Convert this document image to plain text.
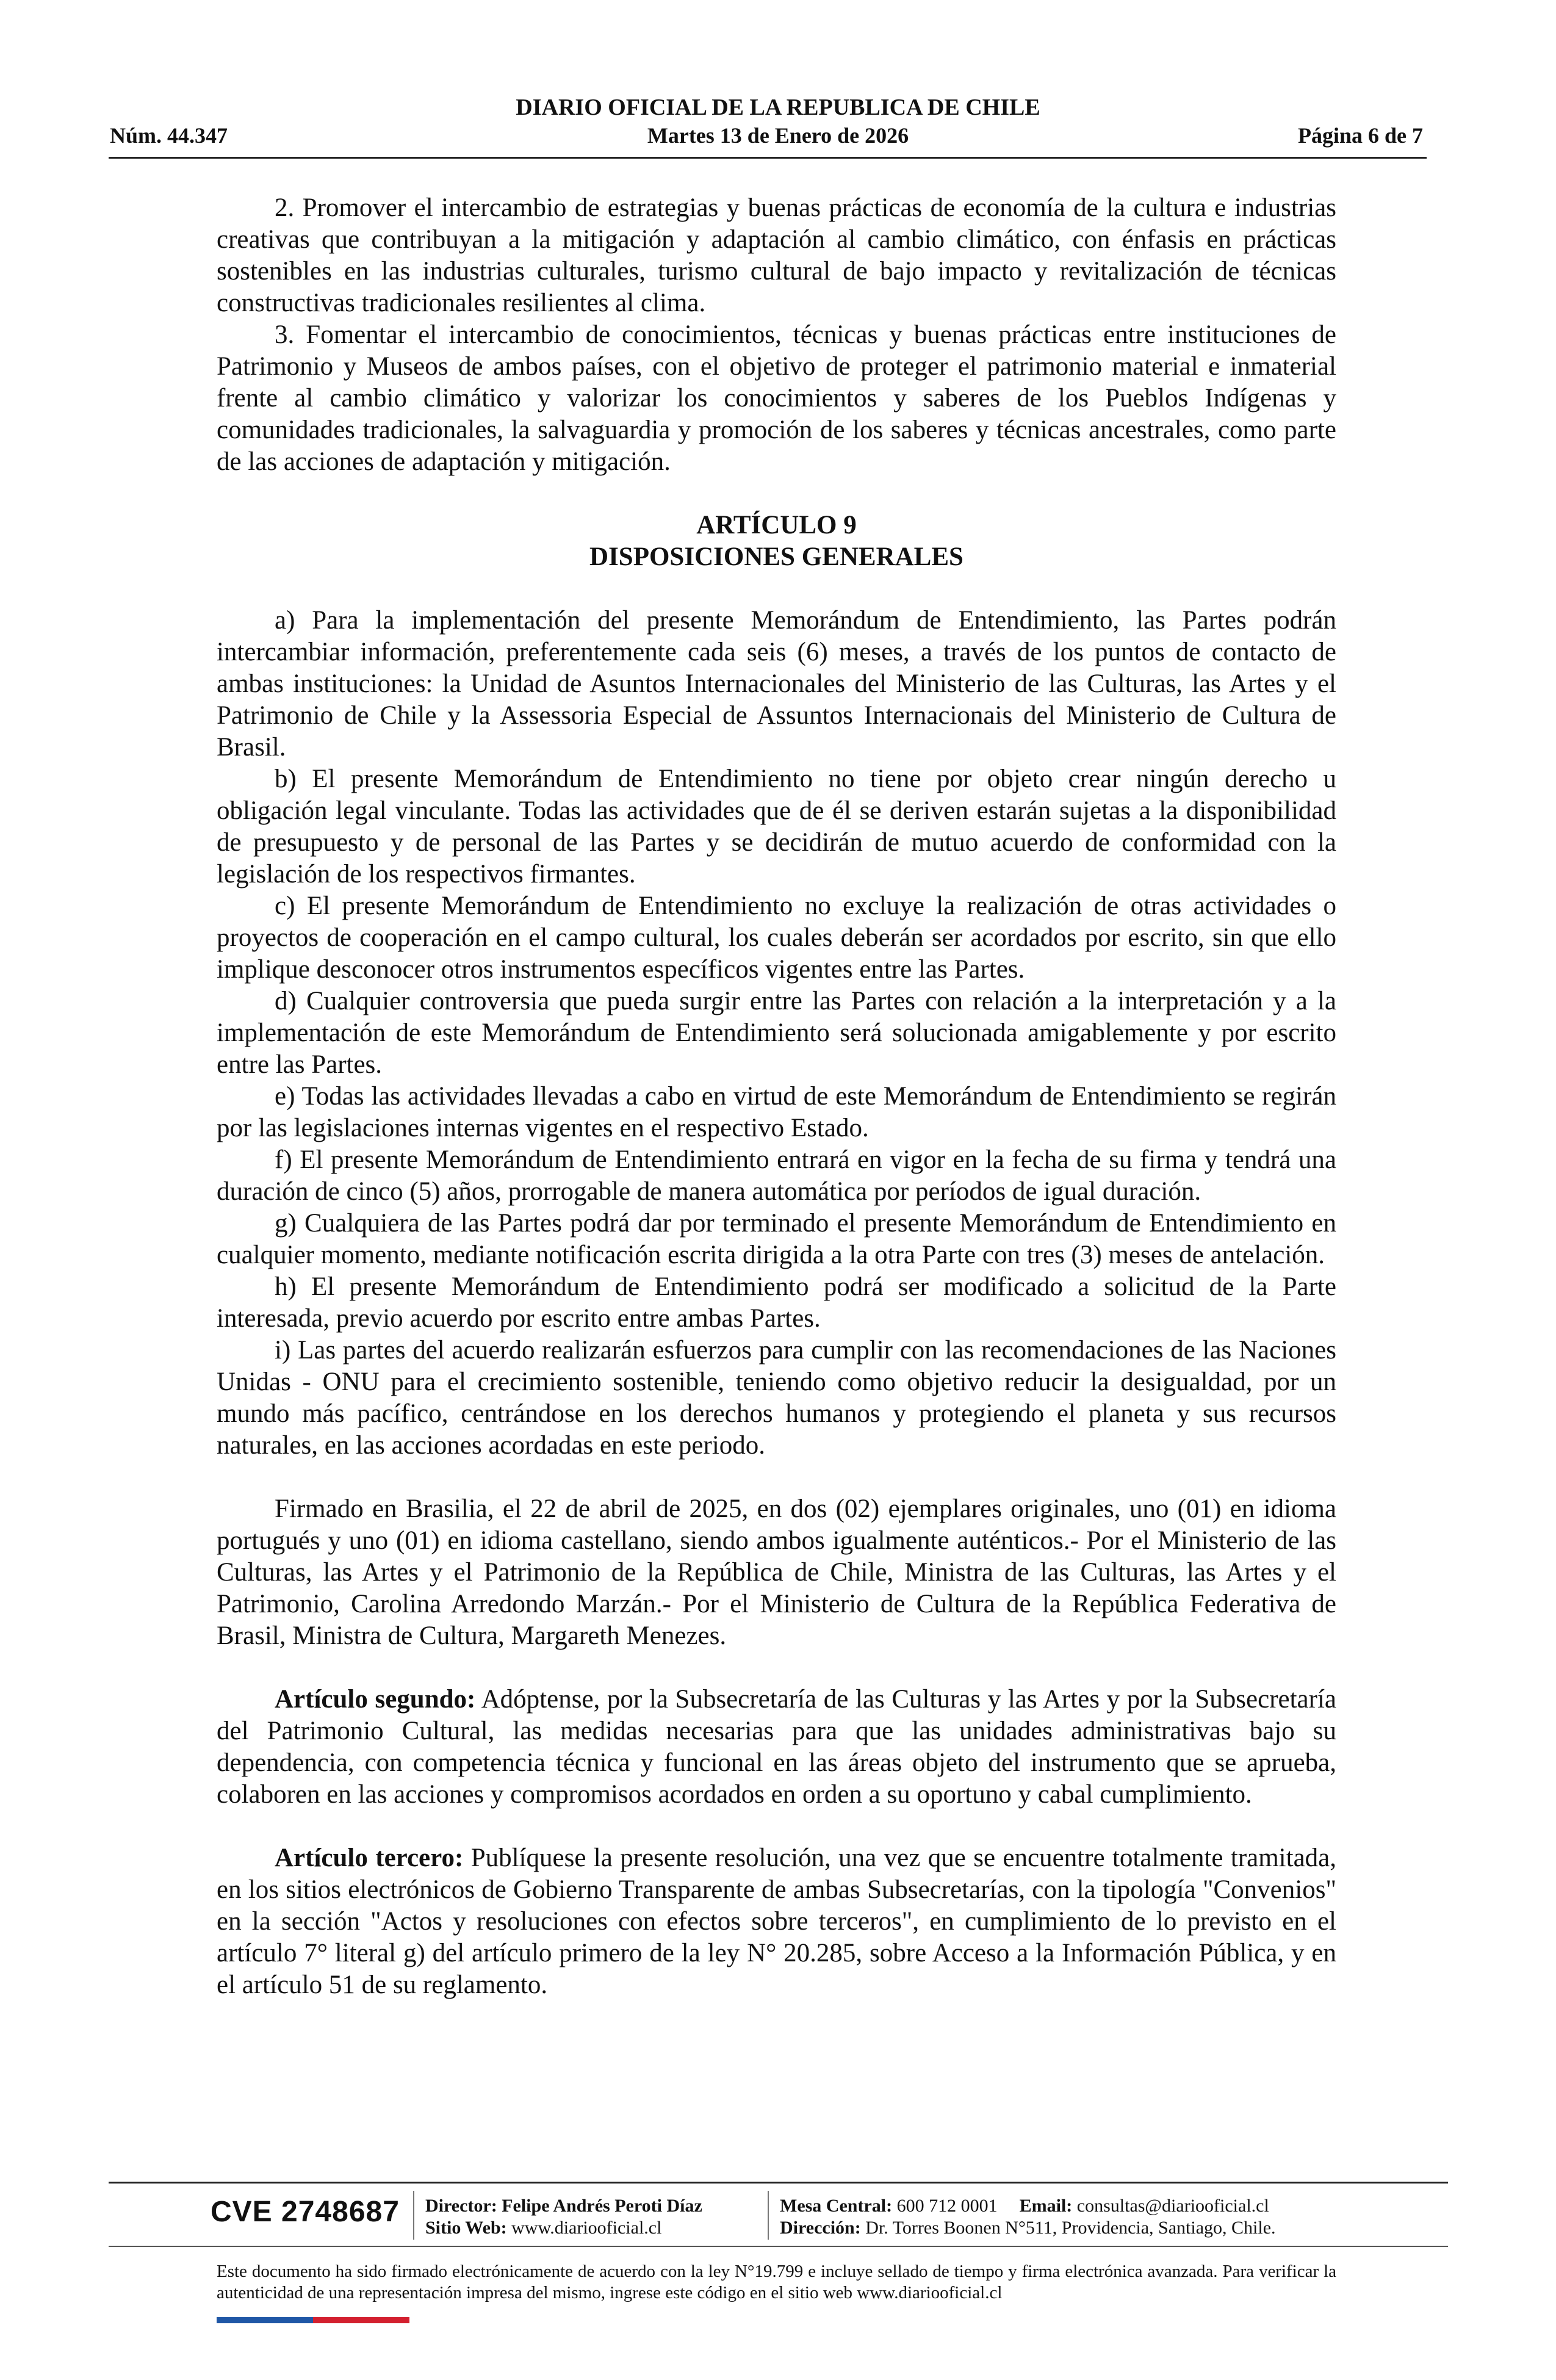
DIARIO OFICIAL DE LA REPUBLICA DE CHILE
Núm. 44.347	Martes 13 de Enero de 2026	Página 6 de 7

2. Promover el intercambio de estrategias y buenas prácticas de economía de la cultura e industrias creativas que contribuyan a la mitigación y adaptación al cambio climático, con énfasis en prácticas sostenibles en las industrias culturales, turismo cultural de bajo impacto y revitalización de técnicas constructivas tradicionales resilientes al clima.

3. Fomentar el intercambio de conocimientos, técnicas y buenas prácticas entre instituciones de Patrimonio y Museos de ambos países, con el objetivo de proteger el patrimonio material e inmaterial frente al cambio climático y valorizar los conocimientos y saberes de los Pueblos Indígenas y comunidades tradicionales, la salvaguardia y promoción de los saberes y técnicas ancestrales, como parte de las acciones de adaptación y mitigación.

ARTÍCULO 9

DISPOSICIONES GENERALES

a) Para la implementación del presente Memorándum de Entendimiento, las Partes podrán intercambiar información, preferentemente cada seis (6) meses, a través de los puntos de contacto de ambas instituciones: la Unidad de Asuntos Internacionales del Ministerio de las Culturas, las Artes y el Patrimonio de Chile y la Assessoria Especial de Assuntos Internacionais del Ministerio de Cultura de Brasil.

b) El presente Memorándum de Entendimiento no tiene por objeto crear ningún derecho u obligación legal vinculante. Todas las actividades que de él se deriven estarán sujetas a la disponibilidad de presupuesto y de personal de las Partes y se decidirán de mutuo acuerdo de conformidad con la legislación de los respectivos firmantes.

c) El presente Memorándum de Entendimiento no excluye la realización de otras actividades o proyectos de cooperación en el campo cultural, los cuales deberán ser acordados por escrito, sin que ello implique desconocer otros instrumentos específicos vigentes entre las Partes.

d) Cualquier controversia que pueda surgir entre las Partes con relación a la interpretación y a la implementación de este Memorándum de Entendimiento será solucionada amigablemente y por escrito entre las Partes.

e) Todas las actividades llevadas a cabo en virtud de este Memorándum de Entendimiento se regirán por las legislaciones internas vigentes en el respectivo Estado.

f) El presente Memorándum de Entendimiento entrará en vigor en la fecha de su firma y tendrá una duración de cinco (5) años, prorrogable de manera automática por períodos de igual duración.

g) Cualquiera de las Partes podrá dar por terminado el presente Memorándum de Entendimiento en cualquier momento, mediante notificación escrita dirigida a la otra Parte con tres (3) meses de antelación.

h) El presente Memorándum de Entendimiento podrá ser modificado a solicitud de la Parte interesada, previo acuerdo por escrito entre ambas Partes.

i) Las partes del acuerdo realizarán esfuerzos para cumplir con las recomendaciones de las Naciones Unidas - ONU para el crecimiento sostenible, teniendo como objetivo reducir la desigualdad, por un mundo más pacífico, centrándose en los derechos humanos y protegiendo el planeta y sus recursos naturales, en las acciones acordadas en este periodo.

Firmado en Brasilia, el 22 de abril de 2025, en dos (02) ejemplares originales, uno (01) en idioma portugués y uno (01) en idioma castellano, siendo ambos igualmente auténticos.- Por el Ministerio de las Culturas, las Artes y el Patrimonio de la República de Chile, Ministra de las Culturas, las Artes y el Patrimonio, Carolina Arredondo Marzán.- Por el Ministerio de Cultura de la República Federativa de Brasil, Ministra de Cultura, Margareth Menezes.

Artículo segundo: Adóptense, por la Subsecretaría de las Culturas y las Artes y por la Subsecretaría del Patrimonio Cultural, las medidas necesarias para que las unidades administrativas bajo su dependencia, con competencia técnica y funcional en las áreas objeto del instrumento que se aprueba, colaboren en las acciones y compromisos acordados en orden a su oportuno y cabal cumplimiento.

Artículo tercero: Publíquese la presente resolución, una vez que se encuentre totalmente tramitada, en los sitios electrónicos de Gobierno Transparente de ambas Subsecretarías, con la tipología "Convenios" en la sección "Actos y resoluciones con efectos sobre terceros", en cumplimiento de lo previsto en el artículo 7° literal g) del artículo primero de la ley N° 20.285, sobre Acceso a la Información Pública, y en el artículo 51 de su reglamento.

CVE 2748687 Director: Felipe Andrés Peroti Díaz
Sitio Web: www.diariooficial.cl
Mesa Central: 600 712 0001 Email: consultas@diariooficial.cl
Dirección: Dr. Torres Boonen N°511, Providencia, Santiago, Chile.
Este documento ha sido firmado electrónicamente de acuerdo con la ley N°19.799 e incluye sellado de tiempo y firma electrónica avanzada. Para verificar la autenticidad de una representación impresa del mismo, ingrese este código en el sitio web www.diariooficial.cl
